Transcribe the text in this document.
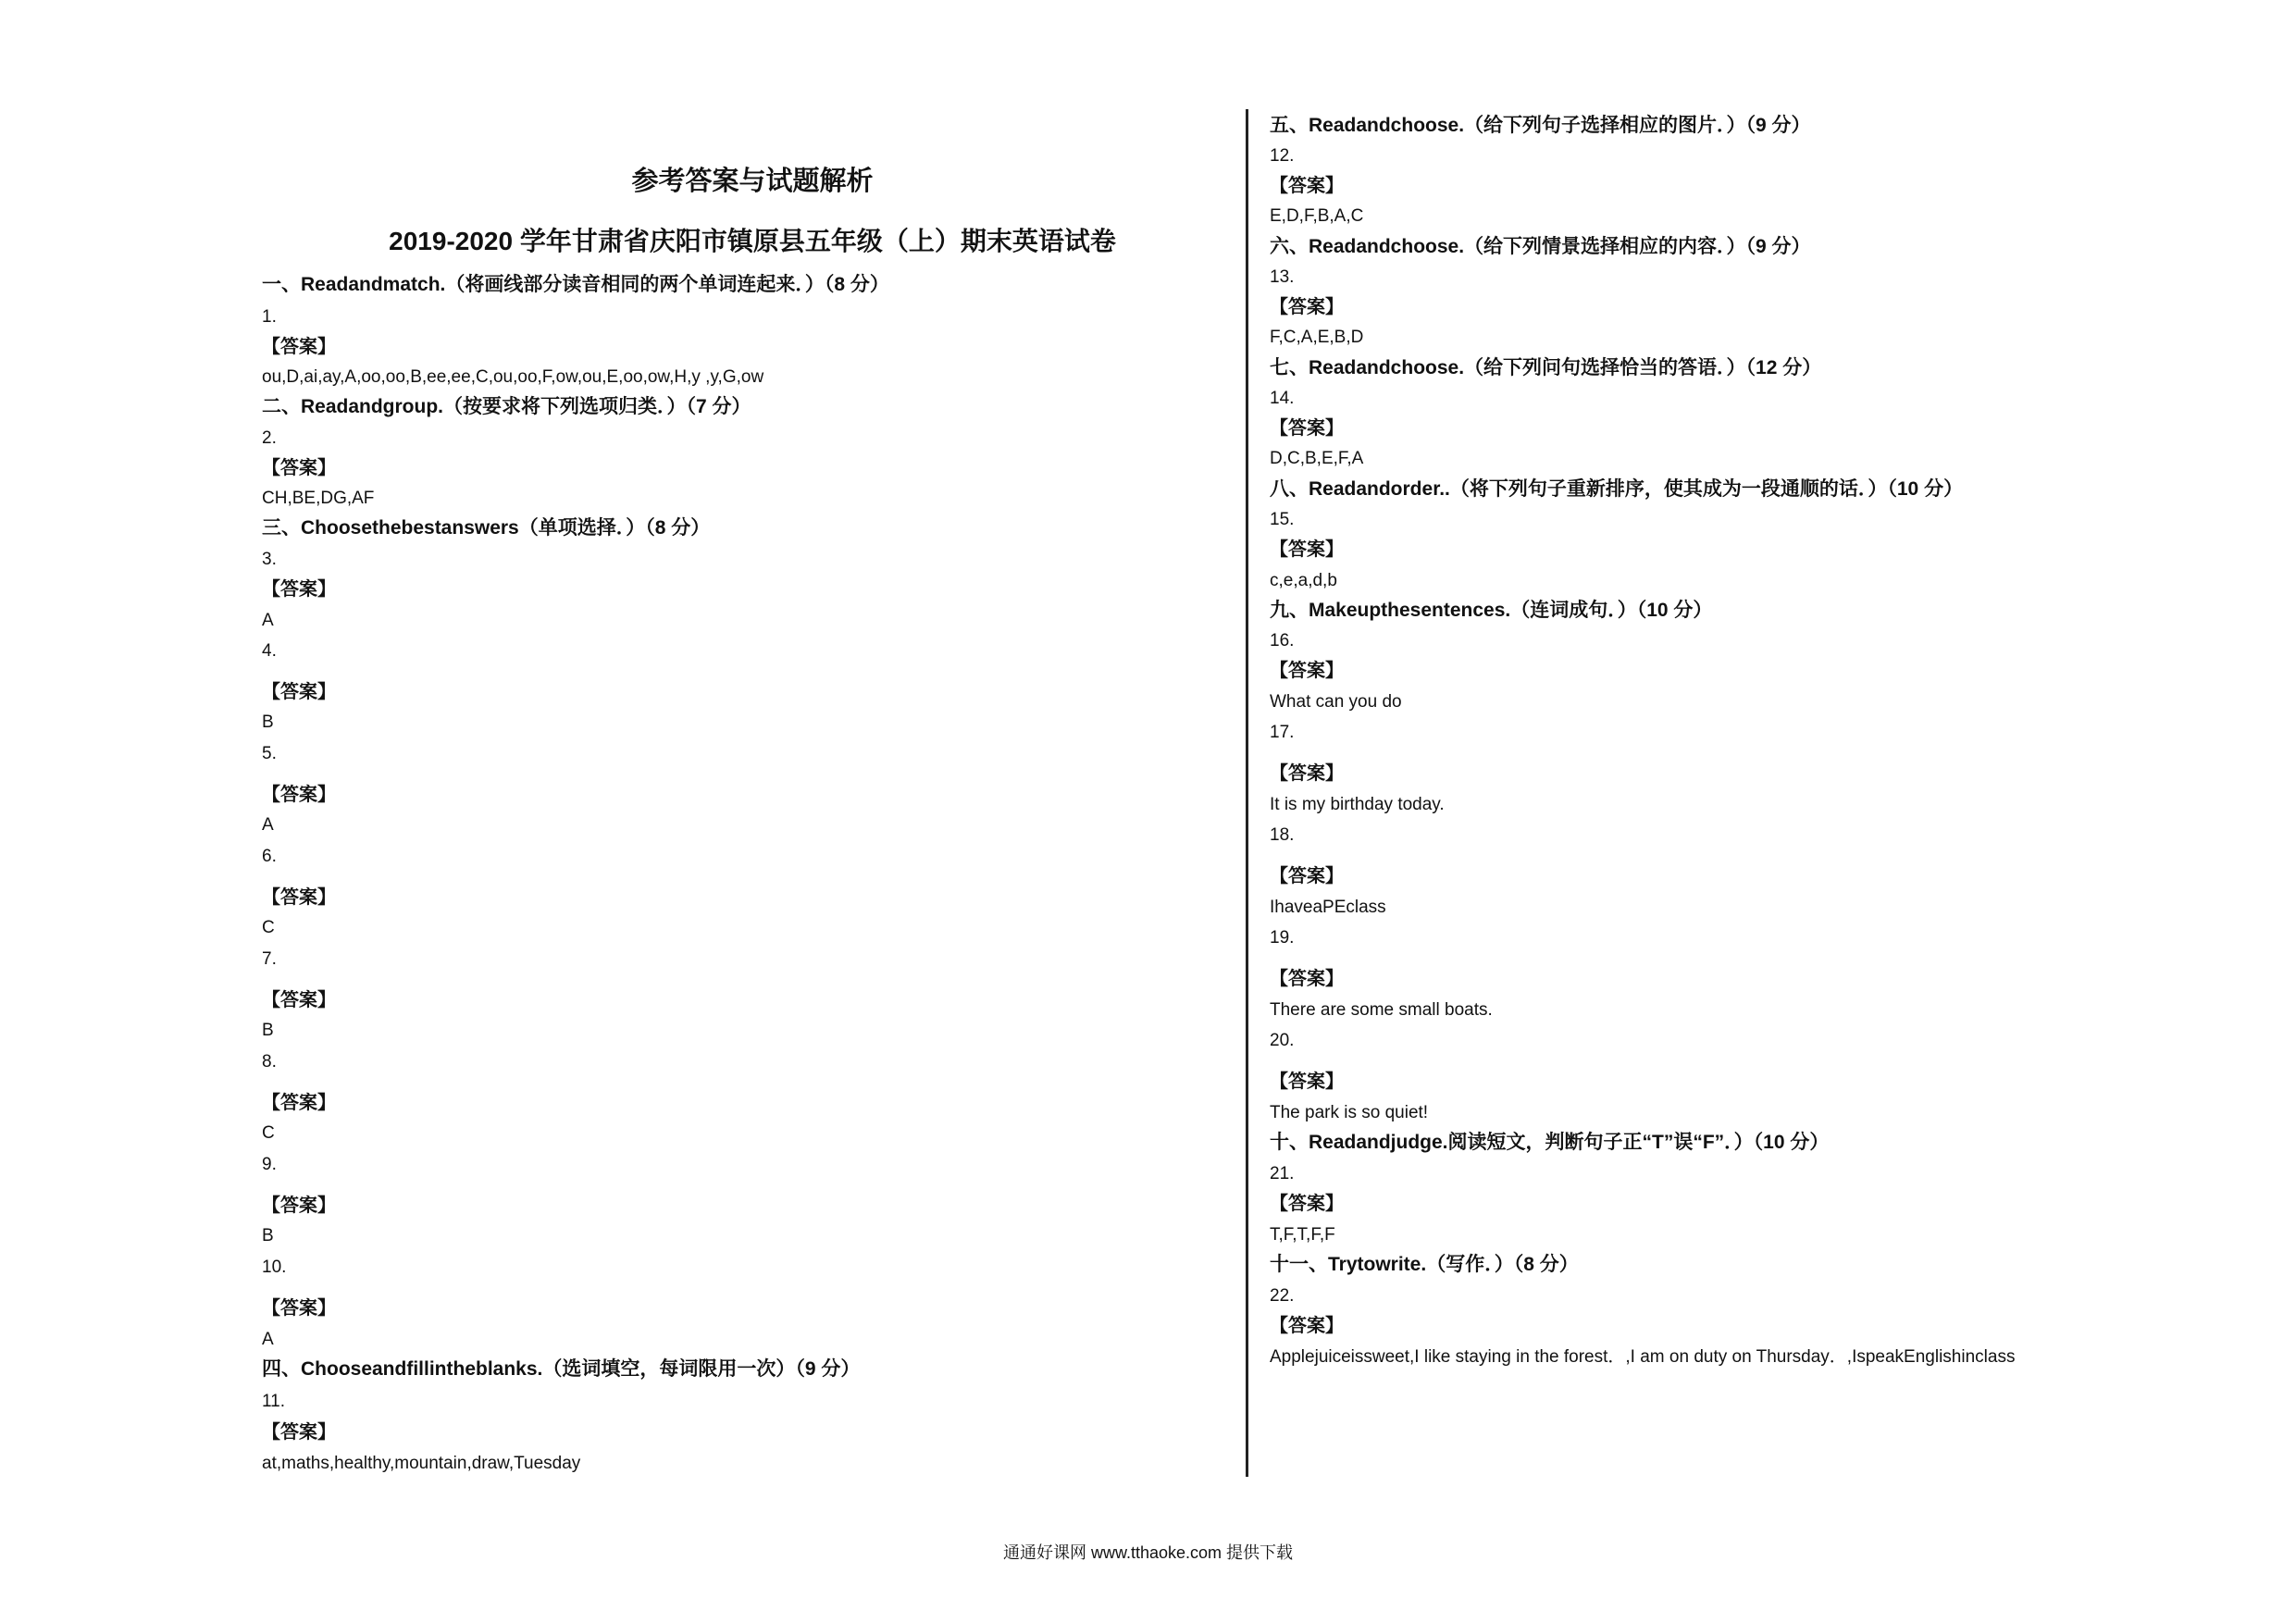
参考答案与试题解析
2019-2020 学年甘肃省庆阳市镇原县五年级（上）期末英语试卷
一、Readandmatch.（将画线部分读音相同的两个单词连起来．）（8 分）
1.
【答案】
ou,D,ai,ay,A,oo,oo,B,ee,ee,C,ou,oo,F,ow,ou,E,oo,ow,H,y ,y,G,ow
二、Readandgroup.（按要求将下列选项归类．）（7 分）
2.
【答案】
CH,BE,DG,AF
三、Choosethebestanswers（单项选择．）（8 分）
3.
【答案】
A
4.
【答案】
B
5.
【答案】
A
6.
【答案】
C
7.
【答案】
B
8.
【答案】
C
9.
【答案】
B
10.
【答案】
A
四、Chooseandfillintheblanks.（选词填空，每词限用一次）（9 分）
11.
【答案】
at,maths,healthy,mountain,draw,Tuesday
五、Readandchoose.（给下列句子选择相应的图片．）（9 分）
12.
【答案】
E,D,F,B,A,C
六、Readandchoose.（给下列情景选择相应的内容．）（9 分）
13.
【答案】
F,C,A,E,B,D
七、Readandchoose.（给下列问句选择恰当的答语．）（12 分）
14.
【答案】
D,C,B,E,F,A
八、Readandorder..（将下列句子重新排序，使其成为一段通顺的话．）（10 分）
15.
【答案】
c,e,a,d,b
九、Makeupthesentences.（连词成句．）（10 分）
16.
【答案】
What can you do
17.
【答案】
It is my birthday today.
18.
【答案】
IhaveaPEclass
19.
【答案】
There are some small boats.
20.
【答案】
The park is so quiet!
十、Readandjudge.阅读短文，判断句子正“T”误“F”．）（10 分）
21.
【答案】
T,F,T,F,F
十一、Trytowrite.（写作．）（8 分）
22.
【答案】
Applejuiceissweet,I like staying in the forest．,I am on duty on Thursday．,IspeakEnglishinclass
通通好课网 www.tthaoke.com 提供下载
